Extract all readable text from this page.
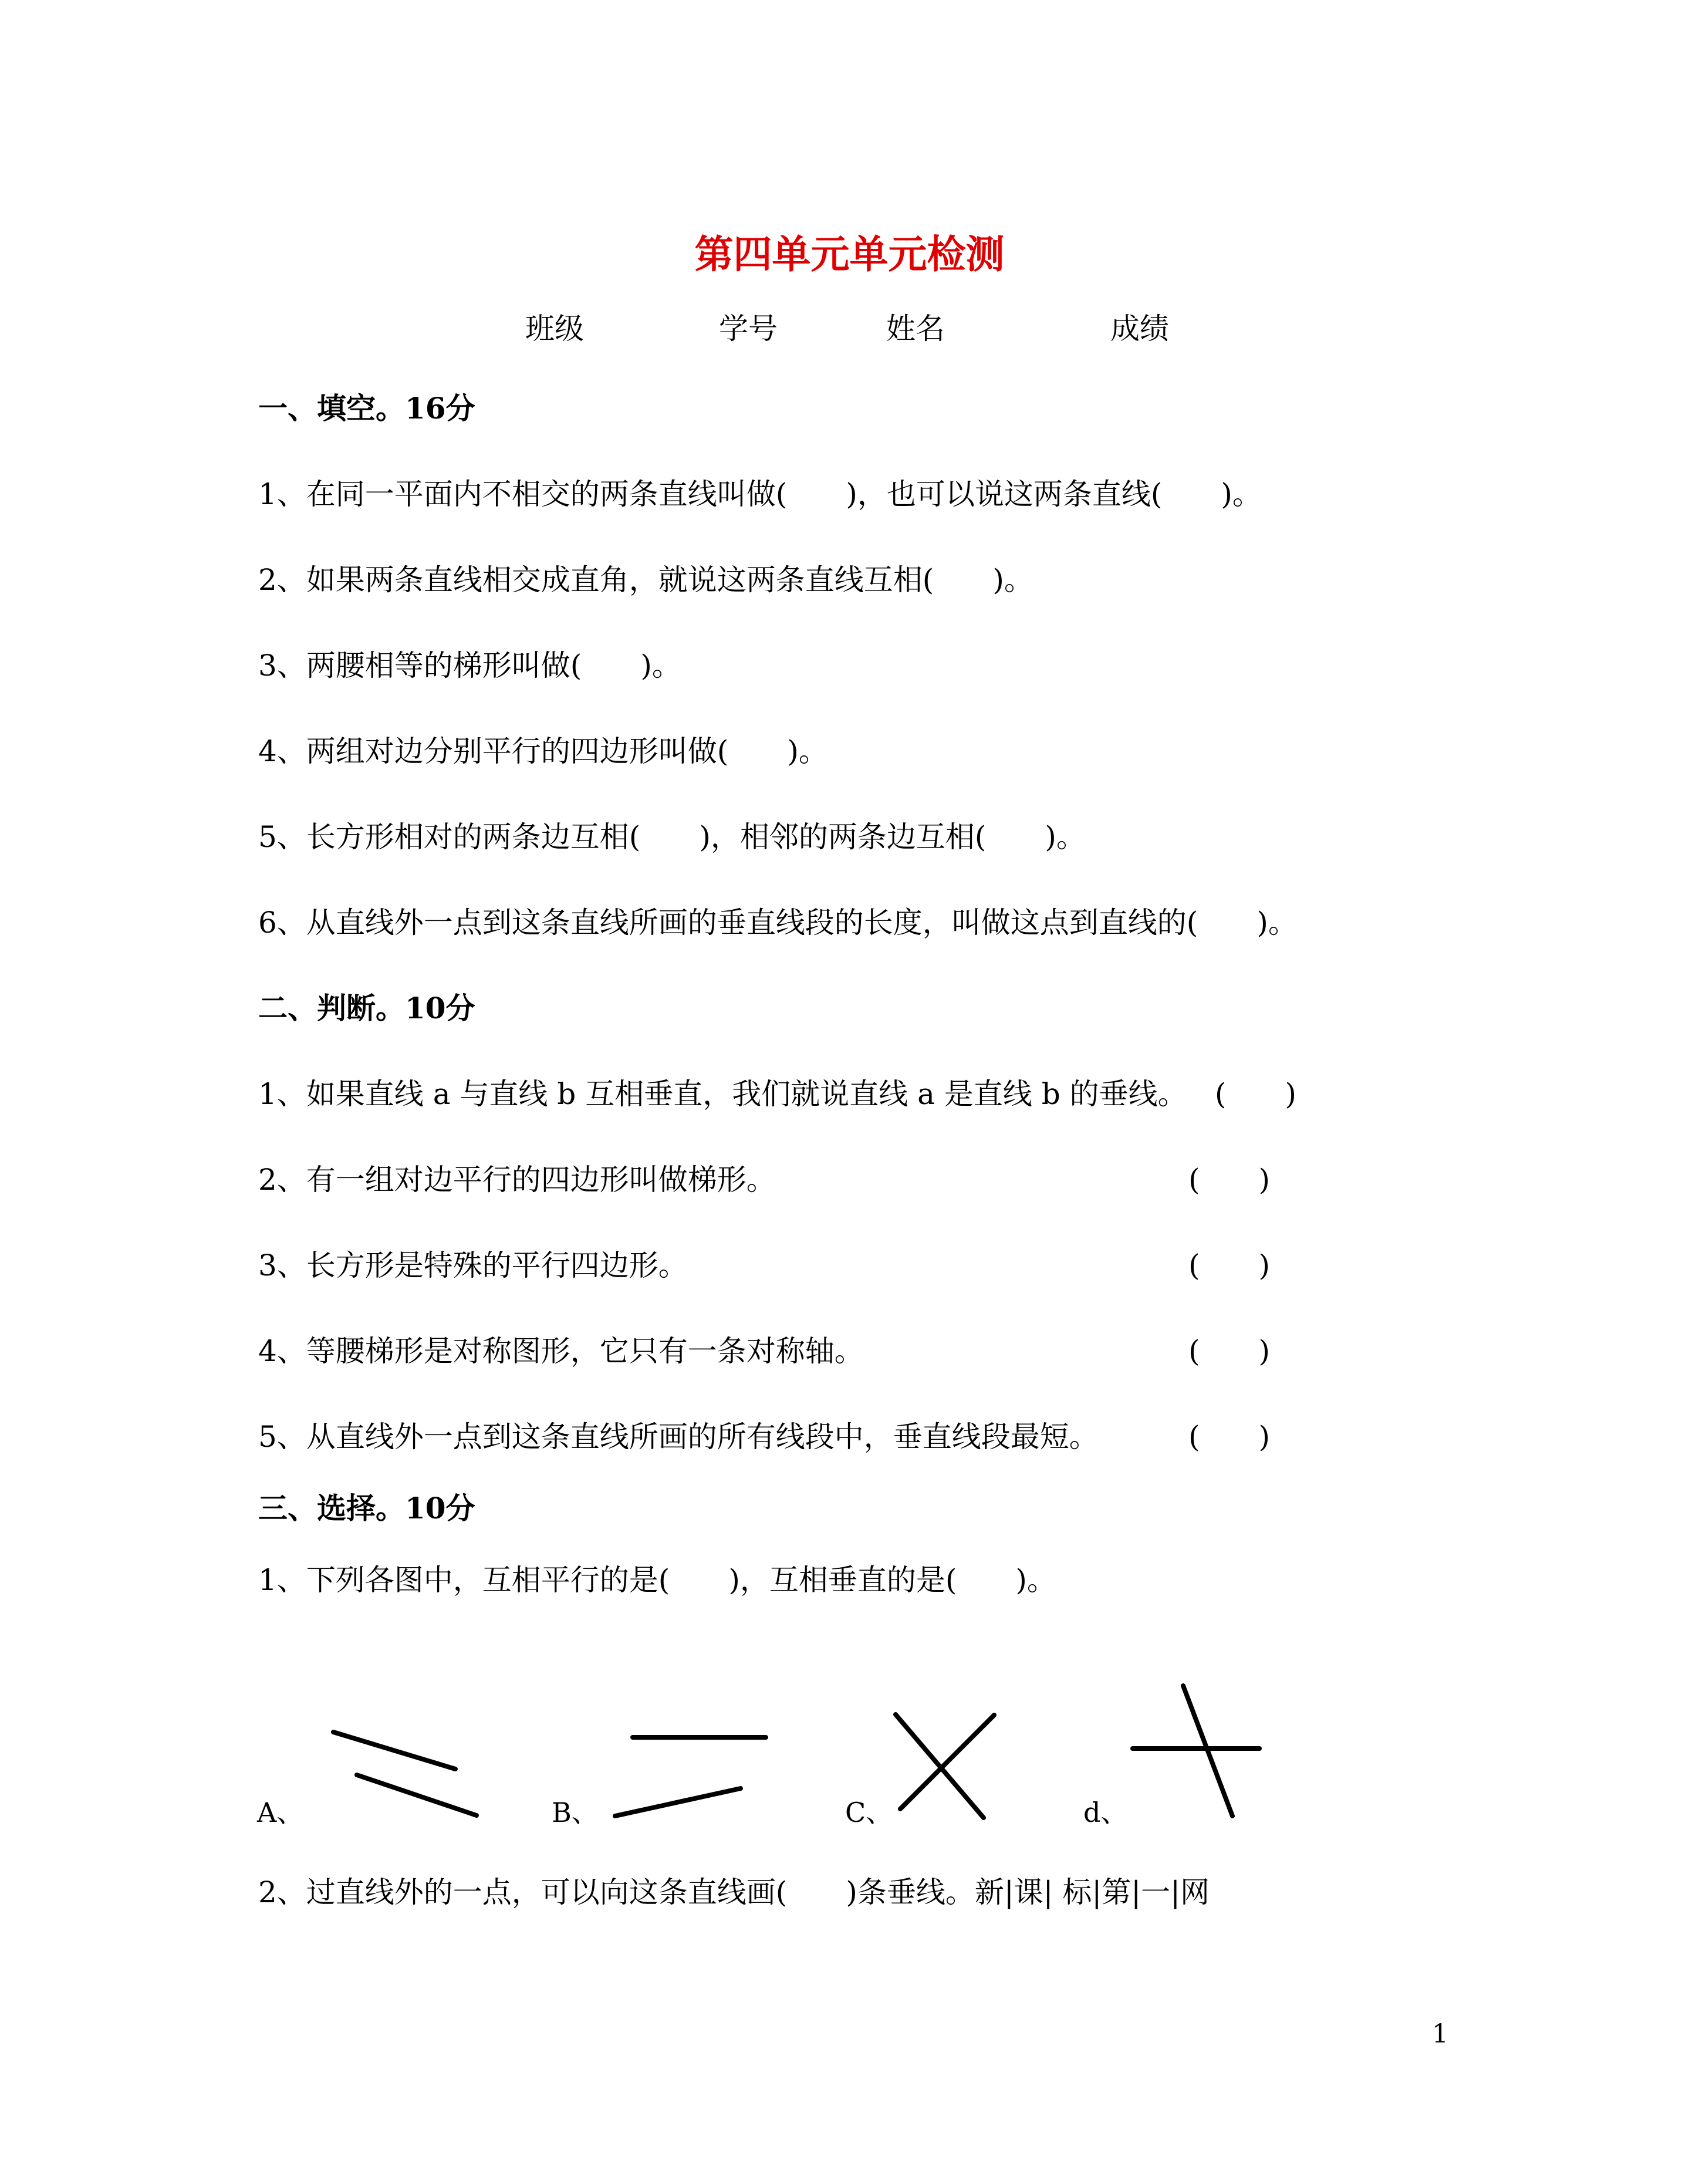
第四单元单元检测
班级	学号	姓名	成绩
一、填空。16分
1、在同一平面内不相交的两条直线叫做(　　)，也可以说这两条直线(　　)。
2、如果两条直线相交成直角，就说这两条直线互相(　　)。
3、两腰相等的梯形叫做(　　)。
4、两组对边分别平行的四边形叫做(　　)。
5、长方形相对的两条边互相(　　)，相邻的两条边互相(　　)。
6、从直线外一点到这条直线所画的垂直线段的长度，叫做这点到直线的(　　)。
二、判断。10分
1、如果直线 a 与直线 b 互相垂直，我们就说直线 a 是直线 b 的垂线。 (　　)
2、有一组对边平行的四边形叫做梯形。	(　　)
3、长方形是特殊的平行四边形。	(　　)
4、等腰梯形是对称图形，它只有一条对称轴。	(　　)
5、从直线外一点到这条直线所画的所有线段中，垂直线段最短。	(　　)
三、选择。10分
1、下列各图中，互相平行的是(　　)，互相垂直的是(　　)。
A、	B、	C、	d、
2、过直线外的一点，可以向这条直线画(　　)条垂线。新|课| 标|第|一|网
1
